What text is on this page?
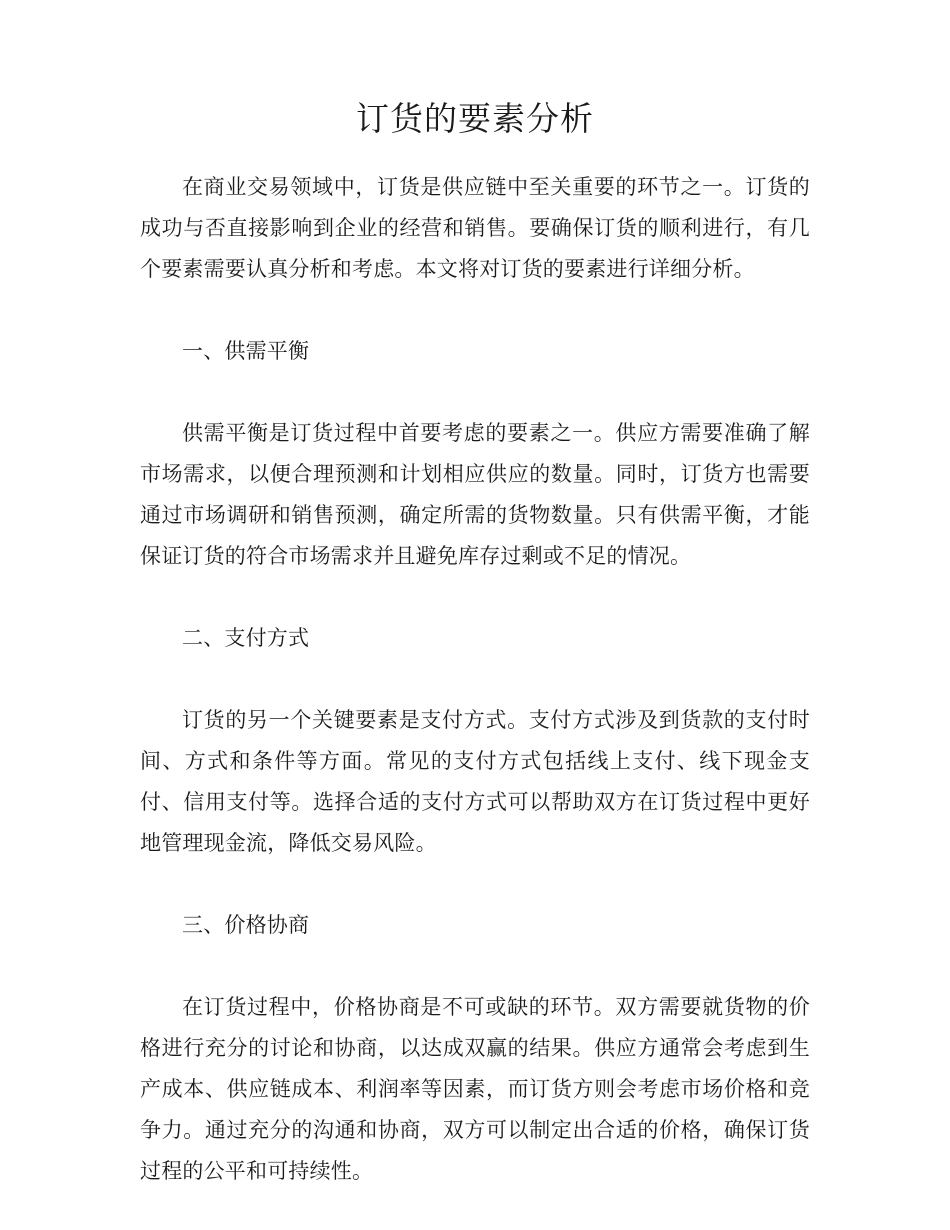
订货的要素分析

在商业交易领域中，订货是供应链中至关重要的环节之一。订货的成功与否直接影响到企业的经营和销售。要确保订货的顺利进行，有几个要素需要认真分析和考虑。本文将对订货的要素进行详细分析。

一、供需平衡

供需平衡是订货过程中首要考虑的要素之一。供应方需要准确了解市场需求，以便合理预测和计划相应供应的数量。同时，订货方也需要通过市场调研和销售预测，确定所需的货物数量。只有供需平衡，才能保证订货的符合市场需求并且避免库存过剩或不足的情况。

二、支付方式

订货的另一个关键要素是支付方式。支付方式涉及到货款的支付时间、方式和条件等方面。常见的支付方式包括线上支付、线下现金支付、信用支付等。选择合适的支付方式可以帮助双方在订货过程中更好地管理现金流，降低交易风险。

三、价格协商

在订货过程中，价格协商是不可或缺的环节。双方需要就货物的价格进行充分的讨论和协商，以达成双赢的结果。供应方通常会考虑到生产成本、供应链成本、利润率等因素，而订货方则会考虑市场价格和竞争力。通过充分的沟通和协商，双方可以制定出合适的价格，确保订货过程的公平和可持续性。
